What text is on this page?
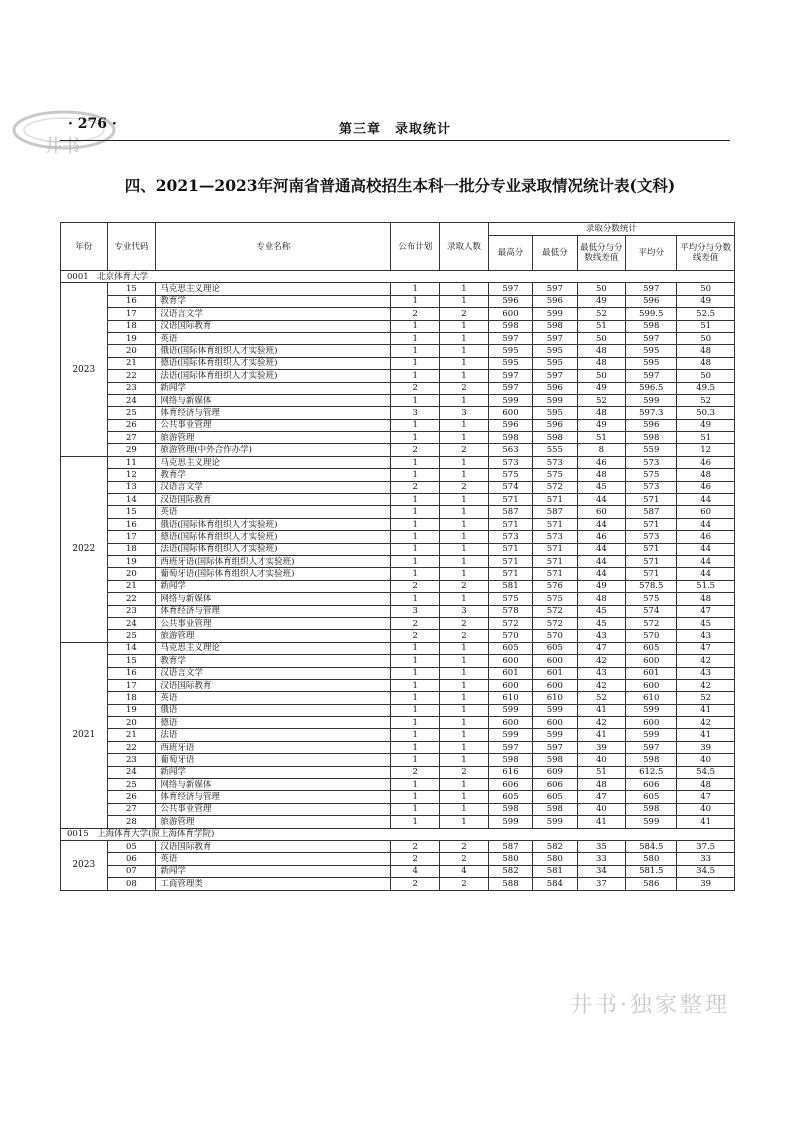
井书
· 276 ·	第三章　录取统计
四、2021—2023年河南省普通高校招生本科一批分专业录取情况统计表(文科)
年份	专业代码	专业名称	公布计划	录取人数	录取分数统计				
					最高分	最低分	最低分与分数线差值	平均分	平均分与分数线差值
0001　北京体育大学									
2023	15	马克思主义理论	1	1	597	597	50	597	50
	16	教育学	1	1	596	596	49	596	49
	17	汉语言文学	2	2	600	599	52	599.5	52.5
	18	汉语国际教育	1	1	598	598	51	598	51
	19	英语	1	1	597	597	50	597	50
	20	俄语(国际体育组织人才实验班)	1	1	595	595	48	595	48
	21	德语(国际体育组织人才实验班)	1	1	595	595	48	595	48
	22	法语(国际体育组织人才实验班)	1	1	597	597	50	597	50
	23	新闻学	2	2	597	596	49	596.5	49.5
	24	网络与新媒体	1	1	599	599	52	599	52
	25	体育经济与管理	3	3	600	595	48	597.3	50.3
	26	公共事业管理	1	1	596	596	49	596	49
	27	旅游管理	1	1	598	598	51	598	51
	29	旅游管理(中外合作办学)	2	2	563	555	8	559	12
2022	11	马克思主义理论	1	1	573	573	46	573	46
	12	教育学	1	1	575	575	48	575	48
	13	汉语言文学	2	2	574	572	45	573	46
	14	汉语国际教育	1	1	571	571	44	571	44
	15	英语	1	1	587	587	60	587	60
	16	俄语(国际体育组织人才实验班)	1	1	571	571	44	571	44
	17	德语(国际体育组织人才实验班)	1	1	573	573	46	573	46
	18	法语(国际体育组织人才实验班)	1	1	571	571	44	571	44
	19	西班牙语(国际体育组织人才实验班)	1	1	571	571	44	571	44
	20	葡萄牙语(国际体育组织人才实验班)	1	1	571	571	44	571	44
	21	新闻学	2	2	581	576	49	578.5	51.5
	22	网络与新媒体	1	1	575	575	48	575	48
	23	体育经济与管理	3	3	578	572	45	574	47
	24	公共事业管理	2	2	572	572	45	572	45
	25	旅游管理	2	2	570	570	43	570	43
2021	14	马克思主义理论	1	1	605	605	47	605	47
	15	教育学	1	1	600	600	42	600	42
	16	汉语言文学	1	1	601	601	43	601	43
	17	汉语国际教育	1	1	600	600	42	600	42
	18	英语	1	1	610	610	52	610	52
	19	俄语	1	1	599	599	41	599	41
	20	德语	1	1	600	600	42	600	42
	21	法语	1	1	599	599	41	599	41
	22	西班牙语	1	1	597	597	39	597	39
	23	葡萄牙语	1	1	598	598	40	598	40
	24	新闻学	2	2	616	609	51	612.5	54.5
	25	网络与新媒体	1	1	606	606	48	606	48
	26	体育经济与管理	1	1	605	605	47	605	47
	27	公共事业管理	1	1	598	598	40	598	40
	28	旅游管理	1	1	599	599	41	599	41
0015　上海体育大学(原上海体育学院)									
2023	05	汉语国际教育	2	2	587	582	35	584.5	37.5
	06	英语	2	2	580	580	33	580	33
	07	新闻学	4	4	582	581	34	581.5	34.5
	08	工商管理类	2	2	588	584	37	586	39
井书·独家整理
